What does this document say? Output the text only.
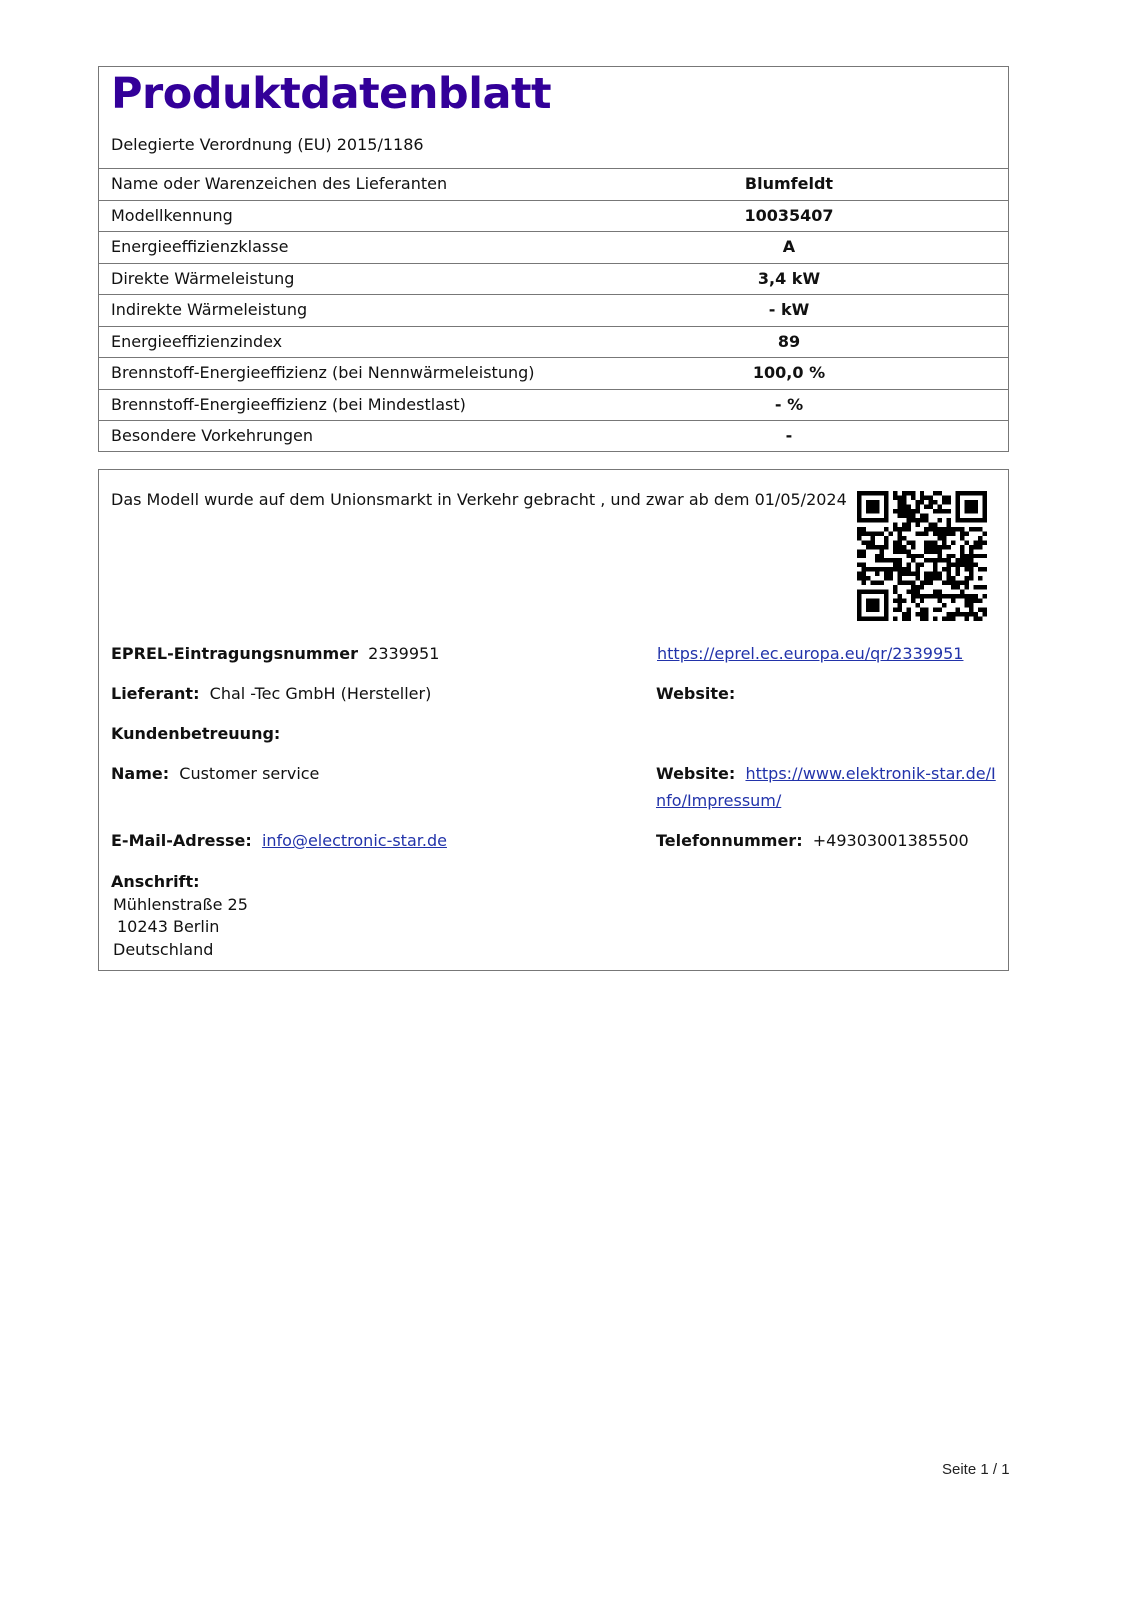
Produktdatenblatt
Delegierte Verordnung (EU) 2015/1186
Name oder Warenzeichen des Lieferanten	Blumfeldt
Modellkennung	10035407
Energieeffizienzklasse	A
Direkte Wärmeleistung	3,4 kW
Indirekte Wärmeleistung	- kW
Energieeffizienzindex	89
Brennstoff-Energieeffizienz (bei Nennwärmeleistung)	100,0 %
Brennstoff-Energieeffizienz (bei Mindestlast)	- %
Besondere Vorkehrungen	-
Das Modell wurde auf dem Unionsmarkt in Verkehr gebracht , und zwar ab dem 01/05/2024
EPREL-Eintragungsnummer 2339951	https://eprel.ec.europa.eu/qr/2339951
Lieferant: Chal -Tec GmbH (Hersteller)	Website:
Kundenbetreuung:
Name: Customer service	Website: https://www.elektronik-star.de/I
nfo/Impressum/
E-Mail-Adresse: info@electronic-star.de	Telefonnummer: +49303001385500
Anschrift:
Mühlenstraße 25
10243 Berlin
Deutschland
Seite 1 / 1
